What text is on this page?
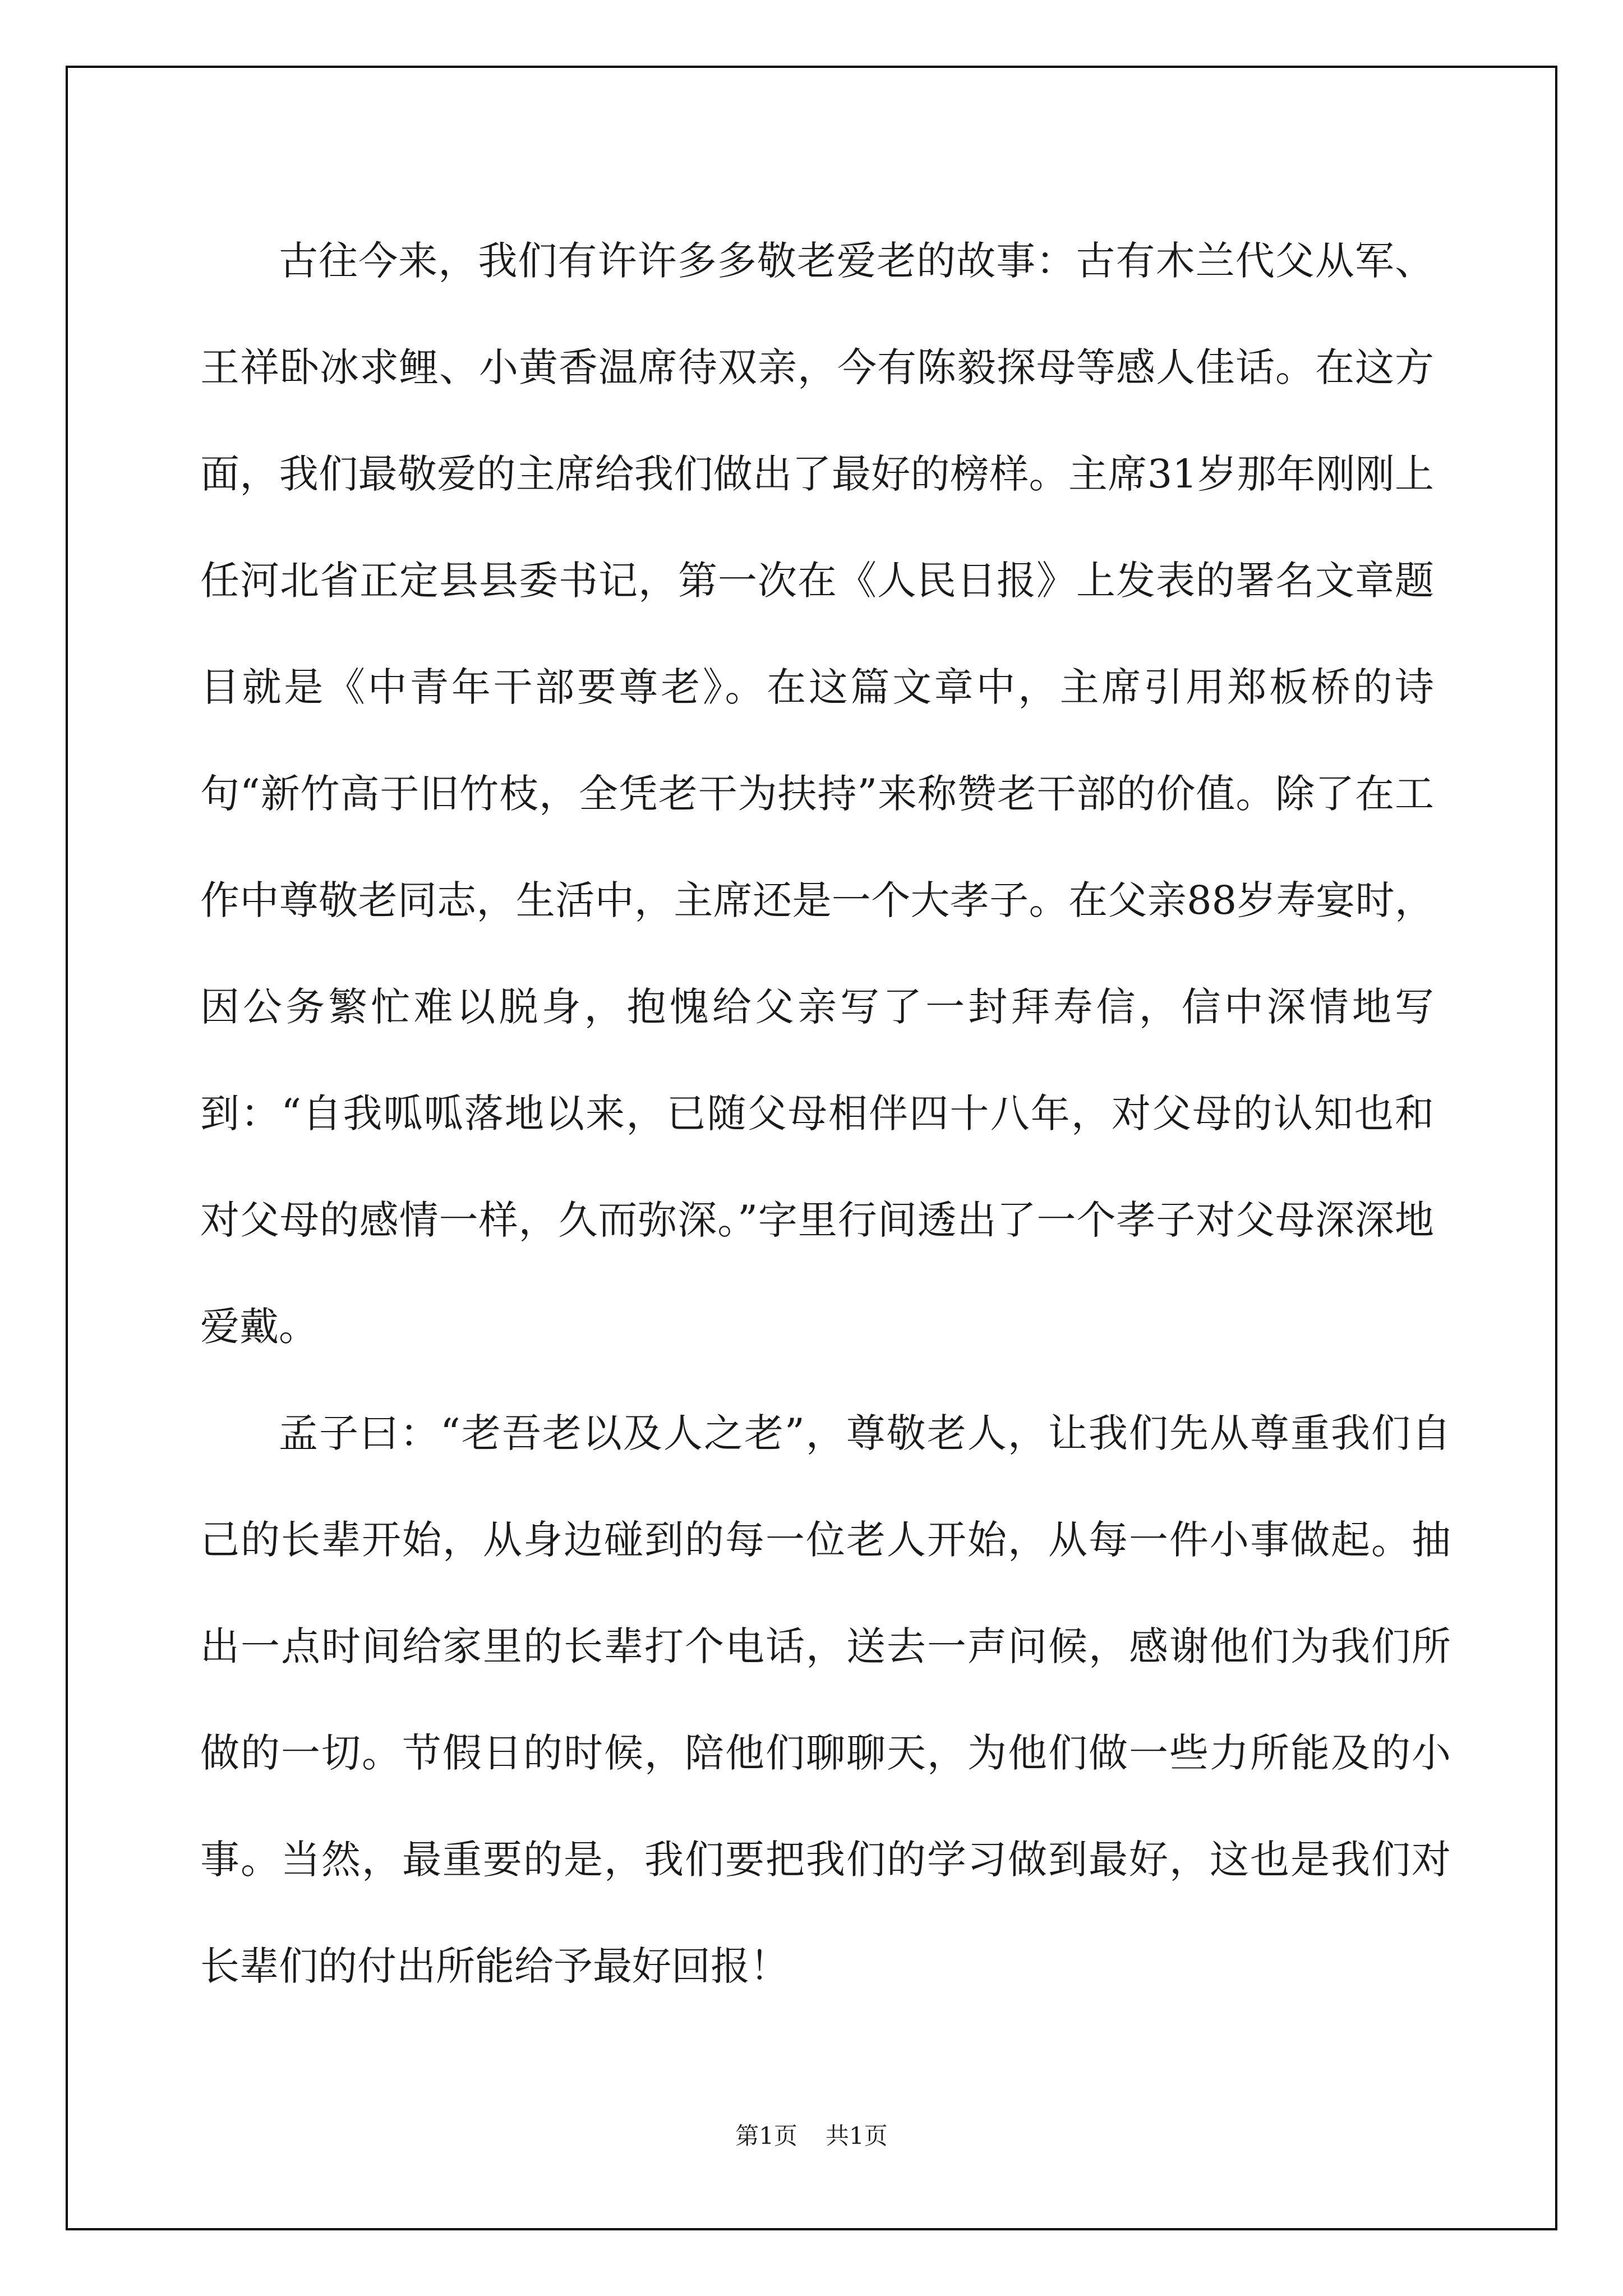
古往今来，我们有许许多多敬老爱老的故事：古有木兰代父从军、王祥卧冰求鲤、小黄香温席待双亲，今有陈毅探母等感人佳话。在这方面，我们最敬爱的主席给我们做出了最好的榜样。主席31岁那年刚刚上任河北省正定县县委书记，第一次在《人民日报》上发表的署名文章题目就是《中青年干部要尊老》。在这篇文章中，主席引用郑板桥的诗句“新竹高于旧竹枝，全凭老干为扶持”来称赞老干部的价值。除了在工作中尊敬老同志，生活中，主席还是一个大孝子。在父亲88岁寿宴时，因公务繁忙难以脱身，抱愧给父亲写了一封拜寿信，信中深情地写到：“自我呱呱落地以来，已随父母相伴四十八年，对父母的认知也和对父母的感情一样，久而弥深。”字里行间透出了一个孝子对父母深深地爱戴。

孟子曰：“老吾老以及人之老”，尊敬老人，让我们先从尊重我们自己的长辈开始，从身边碰到的每一位老人开始，从每一件小事做起。抽出一点时间给家里的长辈打个电话，送去一声问候，感谢他们为我们所做的一切。节假日的时候，陪他们聊聊天，为他们做一些力所能及的小事。当然，最重要的是，我们要把我们的学习做到最好，这也是我们对长辈们的付出所能给予最好回报！

第1页 共1页
